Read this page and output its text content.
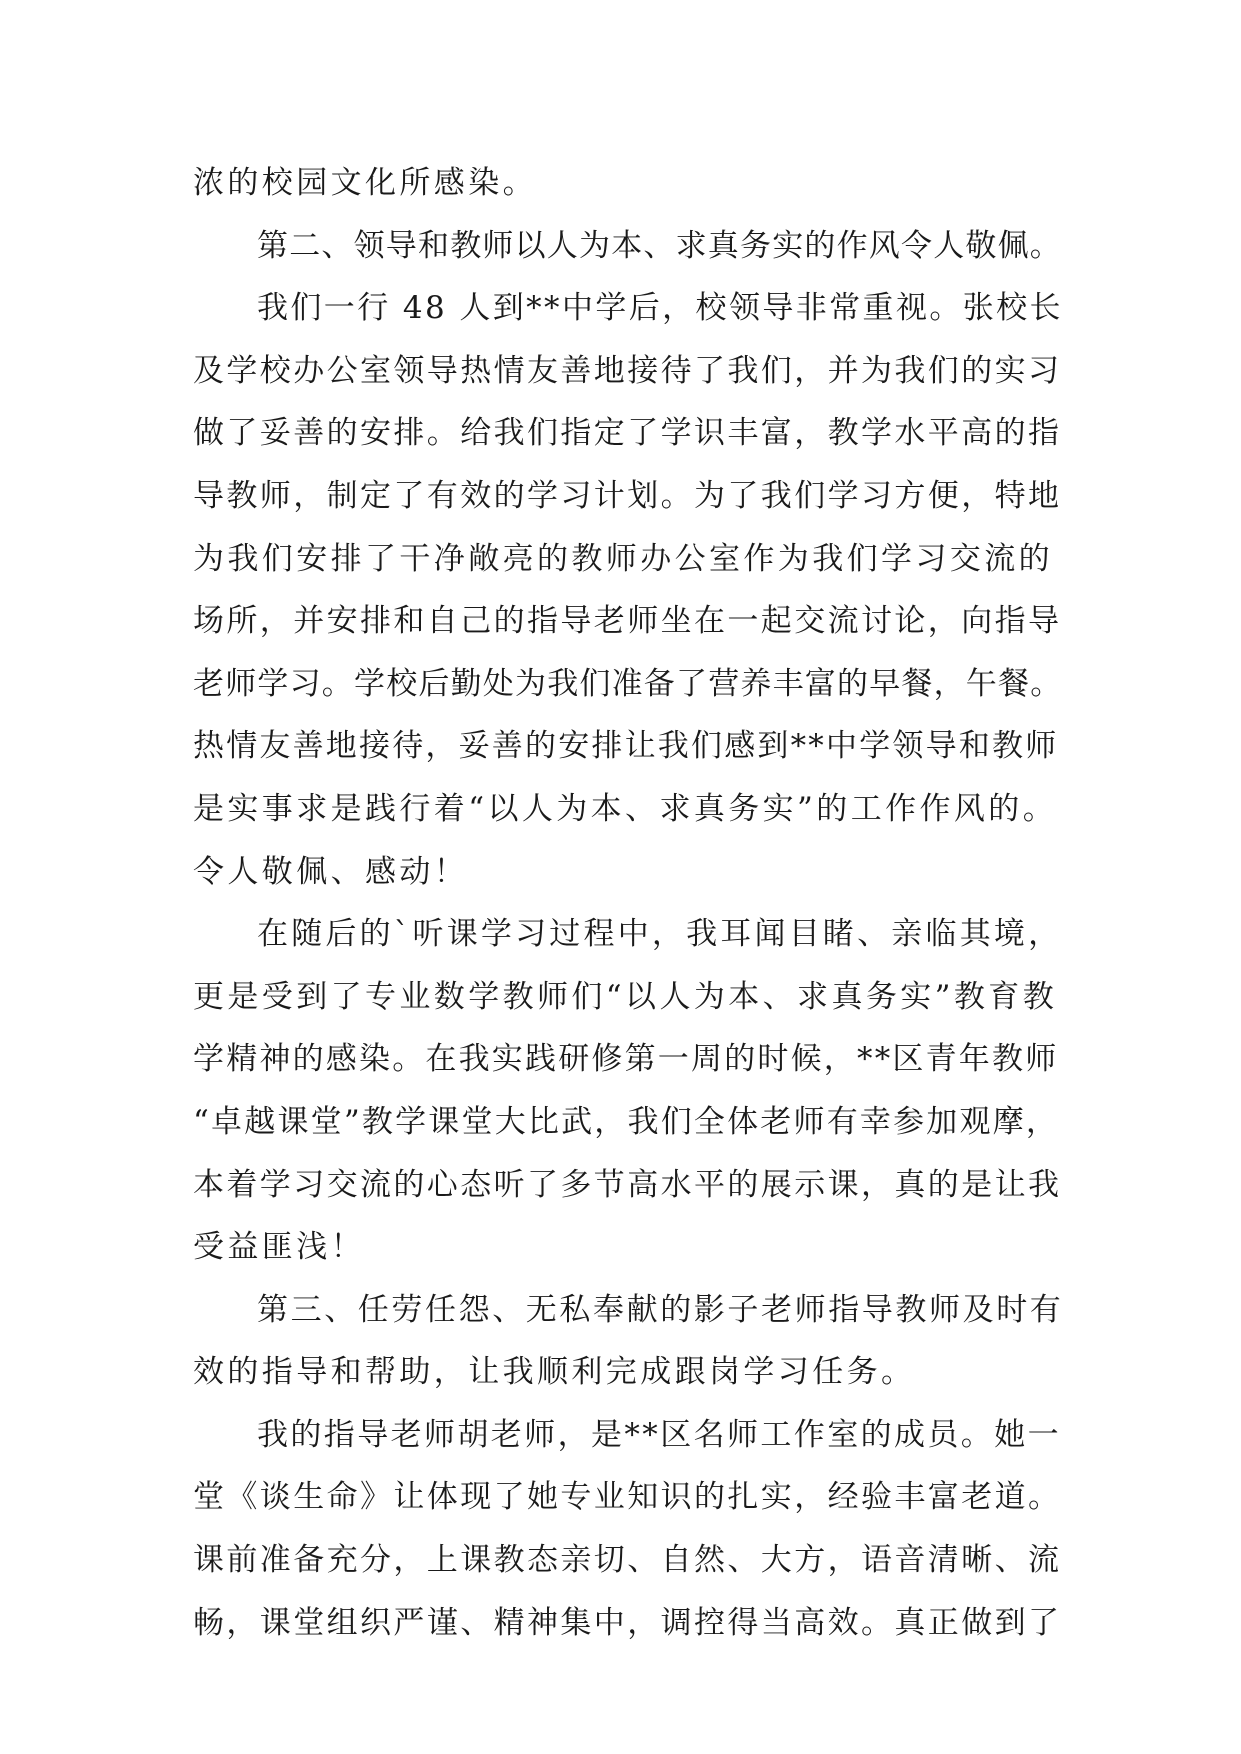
浓的校园文化所感染。
第二、领导和教师以人为本、求真务实的作风令人敬佩。
我们一行 48 人到**中学后，校领导非常重视。张校长
及学校办公室领导热情友善地接待了我们，并为我们的实习
做了妥善的安排。给我们指定了学识丰富，教学水平高的指
导教师，制定了有效的学习计划。为了我们学习方便，特地
为我们安排了干净敞亮的教师办公室作为我们学习交流的
场所，并安排和自己的指导老师坐在一起交流讨论，向指导
老师学习。学校后勤处为我们准备了营养丰富的早餐，午餐。
热情友善地接待，妥善的安排让我们感到**中学领导和教师
是实事求是践行着“以人为本、求真务实”的工作作风的。
令人敬佩、感动！
在随后的`听课学习过程中，我耳闻目睹、亲临其境，
更是受到了专业数学教师们“以人为本、求真务实”教育教
学精神的感染。在我实践研修第一周的时候，**区青年教师
“卓越课堂”教学课堂大比武，我们全体老师有幸参加观摩，
本着学习交流的心态听了多节高水平的展示课，真的是让我
受益匪浅！
第三、任劳任怨、无私奉献的影子老师指导教师及时有
效的指导和帮助，让我顺利完成跟岗学习任务。
我的指导老师胡老师，是**区名师工作室的成员。她一
堂《谈生命》让体现了她专业知识的扎实，经验丰富老道。
课前准备充分，上课教态亲切、自然、大方，语音清晰、流
畅，课堂组织严谨、精神集中，调控得当高效。真正做到了
